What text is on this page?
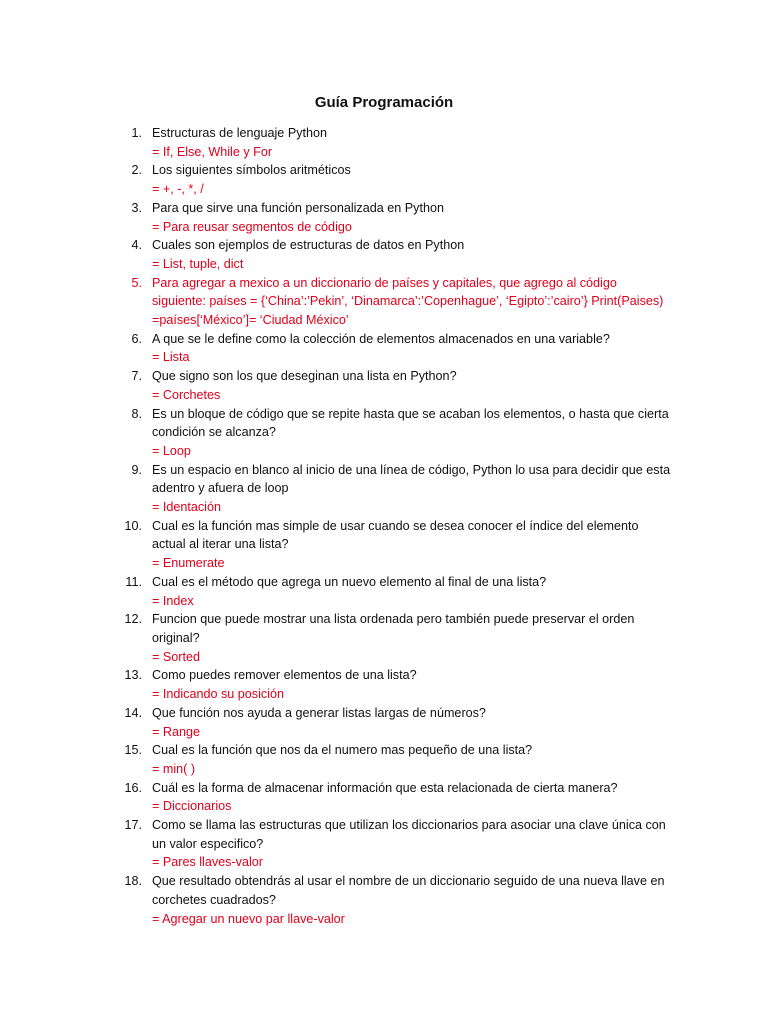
Guía Programación
1. Estructuras de lenguaje Python
= If, Else, While y For
2. Los siguientes símbolos aritméticos
= +, -, *, /
3. Para que sirve una función personalizada en Python
= Para reusar segmentos de código
4. Cuales son ejemplos de estructuras de datos en Python
= List, tuple, dict
5. Para agregar a mexico a un diccionario de países y capitales, que agrego al código siguiente: países = {‘China’:’Pekin’, ‘Dinamarca’:’Copenhague’, ‘Egipto’:’cairo’} Print(Paises) =países[‘México’]= ‘Ciudad México’
6. A que se le define como la colección de elementos almacenados en una variable?
= Lista
7. Que signo son los que deseginan una lista en Python?
= Corchetes
8. Es un bloque de código que se repite hasta que se acaban los elementos, o hasta que cierta condición se alcanza?
= Loop
9. Es un espacio en blanco al inicio de una línea de código, Python lo usa para decidir que esta adentro y afuera de loop
= Identación
10. Cual es la función mas simple de usar cuando se desea conocer el índice del elemento actual al iterar una lista?
= Enumerate
11. Cual es el método que agrega un nuevo elemento al final de una lista?
= Index
12. Funcion que puede mostrar una lista ordenada pero también puede preservar el orden original?
= Sorted
13. Como puedes remover elementos de una lista?
= Indicando su posición
14. Que función nos ayuda a generar listas largas de números?
= Range
15. Cual es la función que nos da el numero mas pequeño de una lista?
= min( )
16. Cuál es la forma de almacenar información que esta relacionada de cierta manera?
= Diccionarios
17. Como se llama las estructuras que utilizan los diccionarios para asociar una clave única con un valor especifico?
= Pares llaves-valor
18. Que resultado obtendrás al usar el nombre de un diccionario seguido de una nueva llave en corchetes cuadrados?
= Agregar un nuevo par llave-valor
